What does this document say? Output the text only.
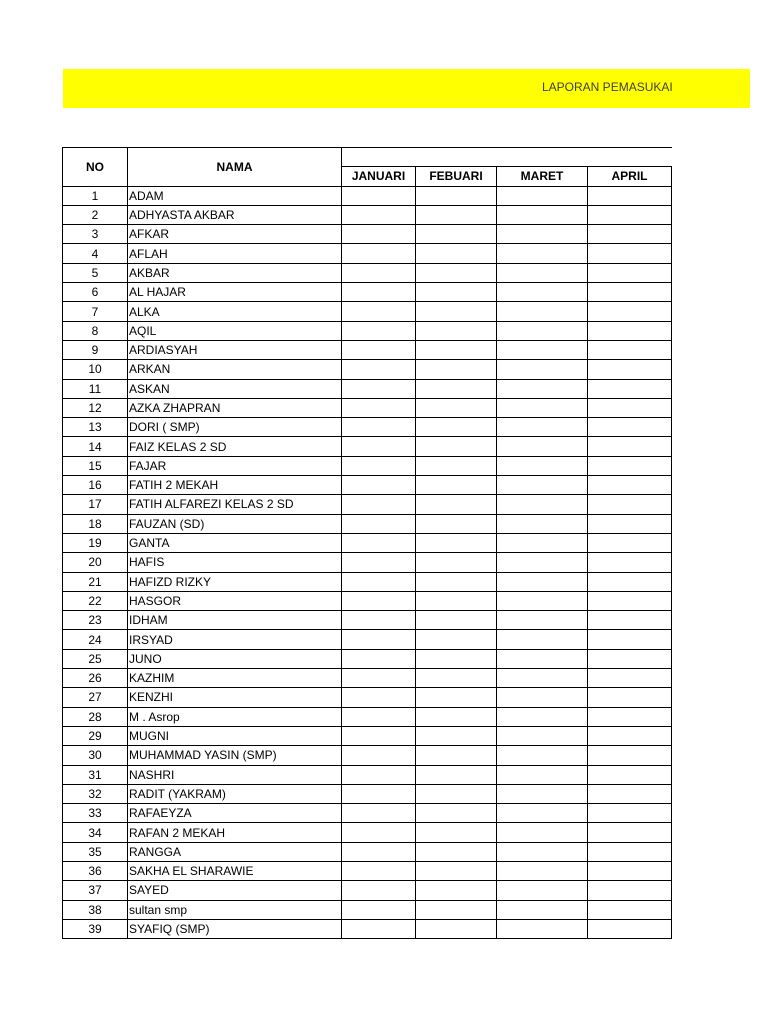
LAPORAN PEMASUKAI
NO	NAMA				
		JANUARI	FEBUARI	MARET	APRIL
1	ADAM				
2	ADHYASTA AKBAR				
3	AFKAR				
4	AFLAH				
5	AKBAR				
6	AL HAJAR				
7	ALKA				
8	AQIL				
9	ARDIASYAH				
10	ARKAN				
11	ASKAN				
12	AZKA ZHAPRAN				
13	DORI ( SMP)				
14	FAIZ KELAS 2 SD				
15	FAJAR				
16	FATIH 2 MEKAH				
17	FATIH ALFAREZI KELAS 2 SD				
18	FAUZAN (SD)				
19	GANTA				
20	HAFIS				
21	HAFIZD RIZKY				
22	HASGOR				
23	IDHAM				
24	IRSYAD				
25	JUNO				
26	KAZHIM				
27	KENZHI				
28	M . Asrop				
29	MUGNI				
30	MUHAMMAD YASIN (SMP)				
31	NASHRI				
32	RADIT (YAKRAM)				
33	RAFAEYZA				
34	RAFAN 2 MEKAH				
35	RANGGA				
36	SAKHA EL SHARAWIE				
37	SAYED				
38	sultan smp				
39	SYAFIQ (SMP)				
